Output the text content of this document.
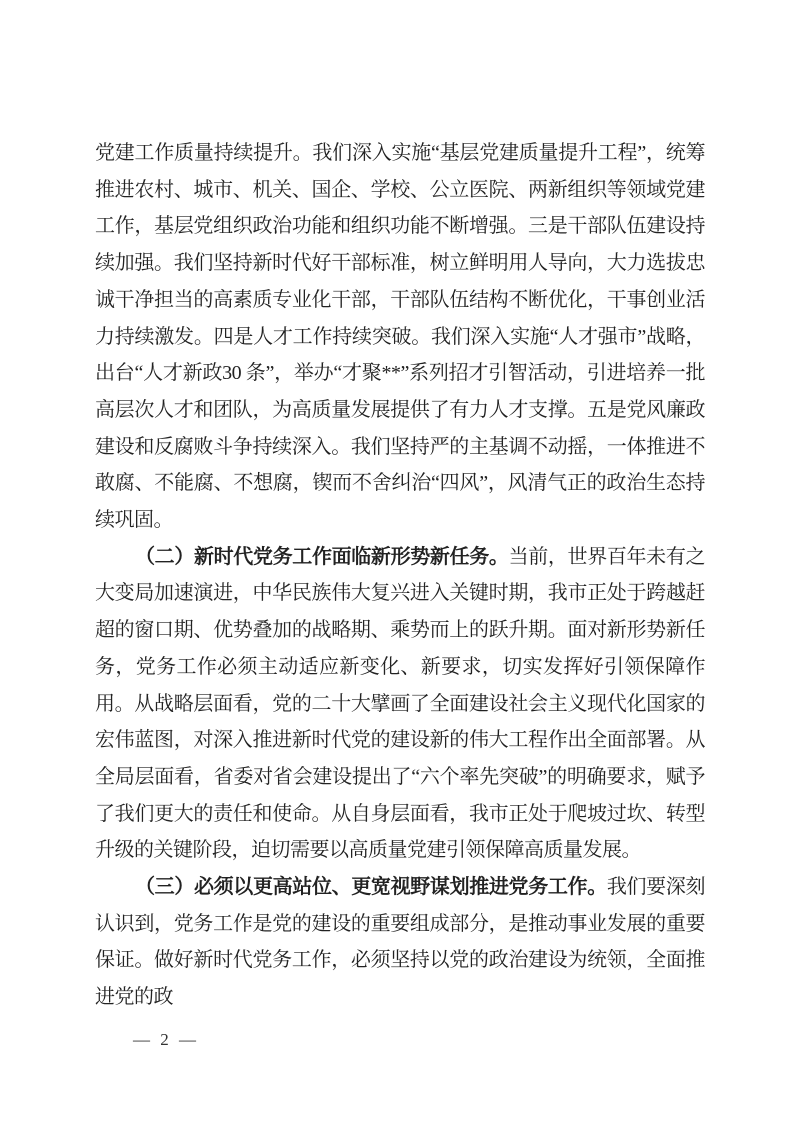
党建工作质量持续提升。我们深入实施“基层党建质量提升工程”，统筹推进农村、城市、机关、国企、学校、公立医院、两新组织等领域党建工作，基层党组织政治功能和组织功能不断增强。三是干部队伍建设持续加强。我们坚持新时代好干部标准，树立鲜明用人导向，大力选拔忠诚干净担当的高素质专业化干部，干部队伍结构不断优化，干事创业活力持续激发。四是人才工作持续突破。我们深入实施“人才强市”战略，出台“人才新政30 条”，举办“才聚**”系列招才引智活动，引进培养一批高层次人才和团队，为高质量发展提供了有力人才支撑。五是党风廉政建设和反腐败斗争持续深入。我们坚持严的主基调不动摇，一体推进不敢腐、不能腐、不想腐，锲而不舍纠治“四风”，风清气正的政治生态持续巩固。

（二）新时代党务工作面临新形势新任务。当前，世界百年未有之大变局加速演进，中华民族伟大复兴进入关键时期，我市正处于跨越赶超的窗口期、优势叠加的战略期、乘势而上的跃升期。面对新形势新任务，党务工作必须主动适应新变化、新要求，切实发挥好引领保障作用。从战略层面看，党的二十大擘画了全面建设社会主义现代化国家的宏伟蓝图，对深入推进新时代党的建设新的伟大工程作出全面部署。从全局层面看，省委对省会建设提出了“六个率先突破”的明确要求，赋予了我们更大的责任和使命。从自身层面看，我市正处于爬坡过坎、转型升级的关键阶段，迫切需要以高质量党建引领保障高质量发展。

（三）必须以更高站位、更宽视野谋划推进党务工作。我们要深刻认识到，党务工作是党的建设的重要组成部分，是推动事业发展的重要保证。做好新时代党务工作，必须坚持以党的政治建设为统领，全面推进党的政

— 2 —
